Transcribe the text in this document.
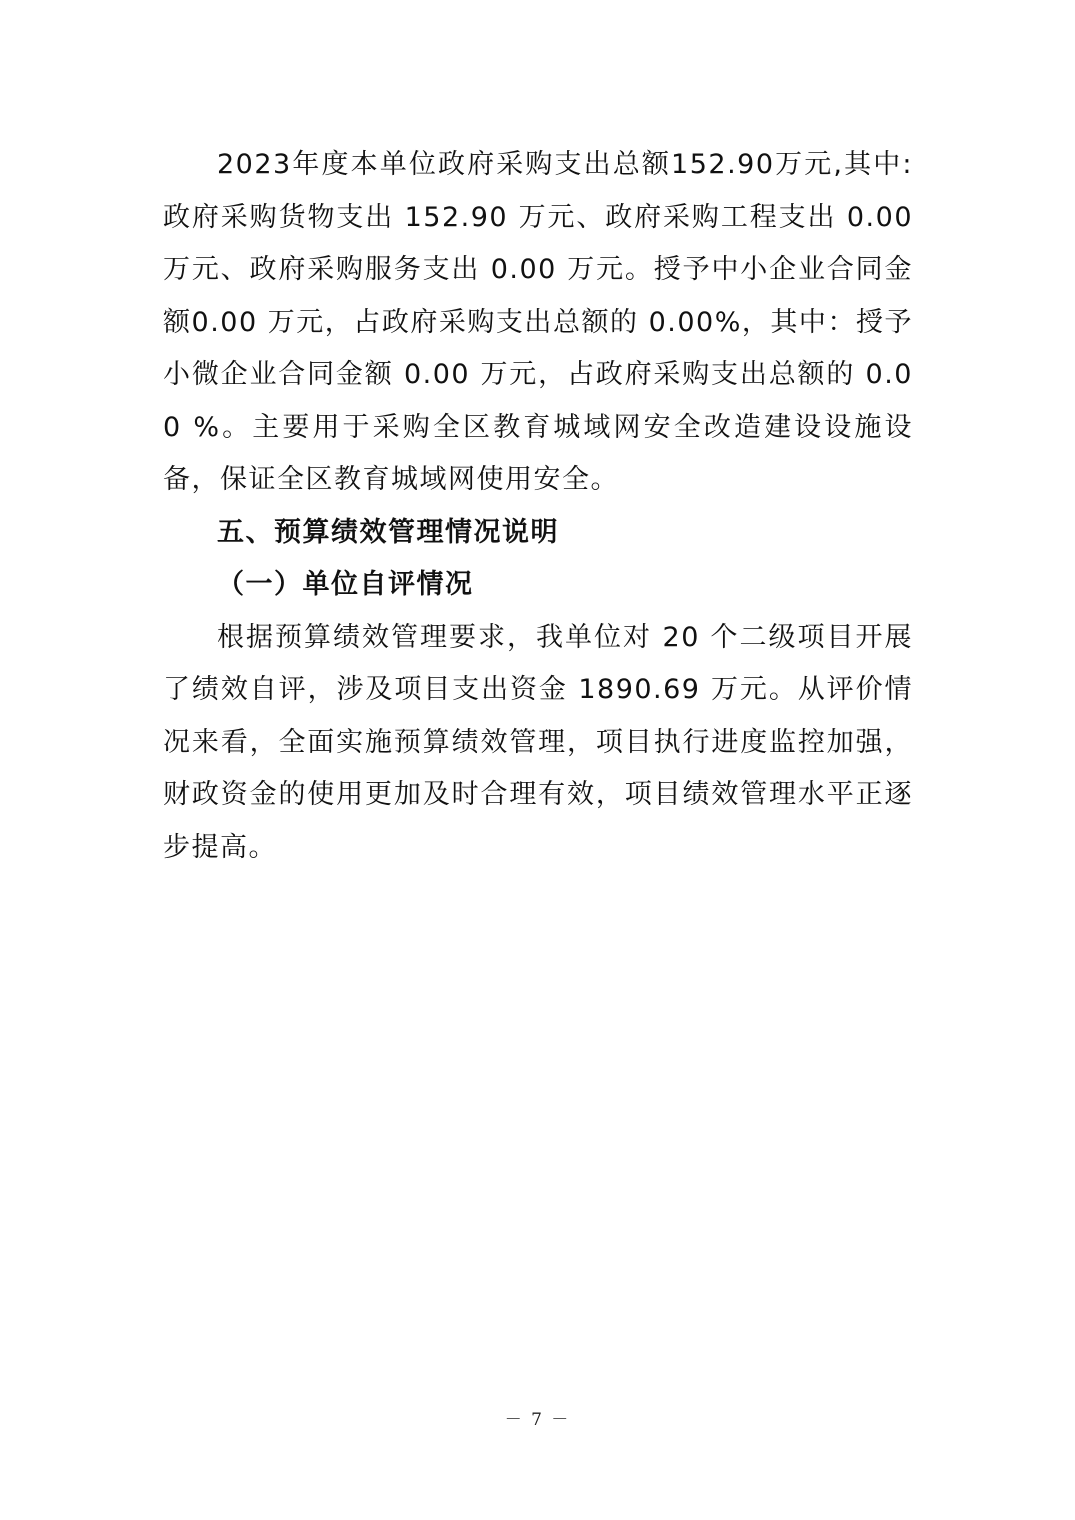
2023年度本单位政府采购支出总额152.90万元,其中:政府采购货物支出 152.90 万元、政府采购工程支出 0.00 万元、政府采购服务支出 0.00 万元。授予中小企业合同金额0.00 万元，占政府采购支出总额的 0.00%，其中：授予小微企业合同金额 0.00 万元，占政府采购支出总额的 0.00 %。主要用于采购全区教育城域网安全改造建设设施设备，保证全区教育城域网使用安全。

五、预算绩效管理情况说明

（一）单位自评情况

根据预算绩效管理要求，我单位对 20 个二级项目开展了绩效自评，涉及项目支出资金 1890.69 万元。从评价情况来看，全面实施预算绩效管理，项目执行进度监控加强，财政资金的使用更加及时合理有效，项目绩效管理水平正逐步提高。

－ 7 －
